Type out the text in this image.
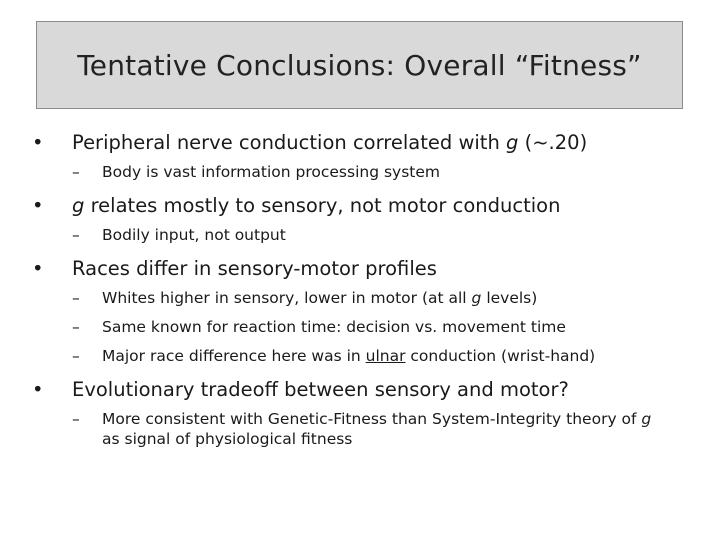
Tentative Conclusions: Overall “Fitness”
•	Peripheral nerve conduction correlated with g (~.20)
–	Body is vast information processing system
•	g relates mostly to sensory, not motor conduction
–	Bodily input, not output
•	Races differ in sensory-motor profiles
–	Whites higher in sensory, lower in motor (at all g levels)
–	Same known for reaction time: decision vs. movement time
–	Major race difference here was in ulnar conduction (wrist-hand)
•	Evolutionary tradeoff between sensory and motor?
–	More consistent with Genetic-Fitness than System-Integrity theory of g as signal of physiological fitness
